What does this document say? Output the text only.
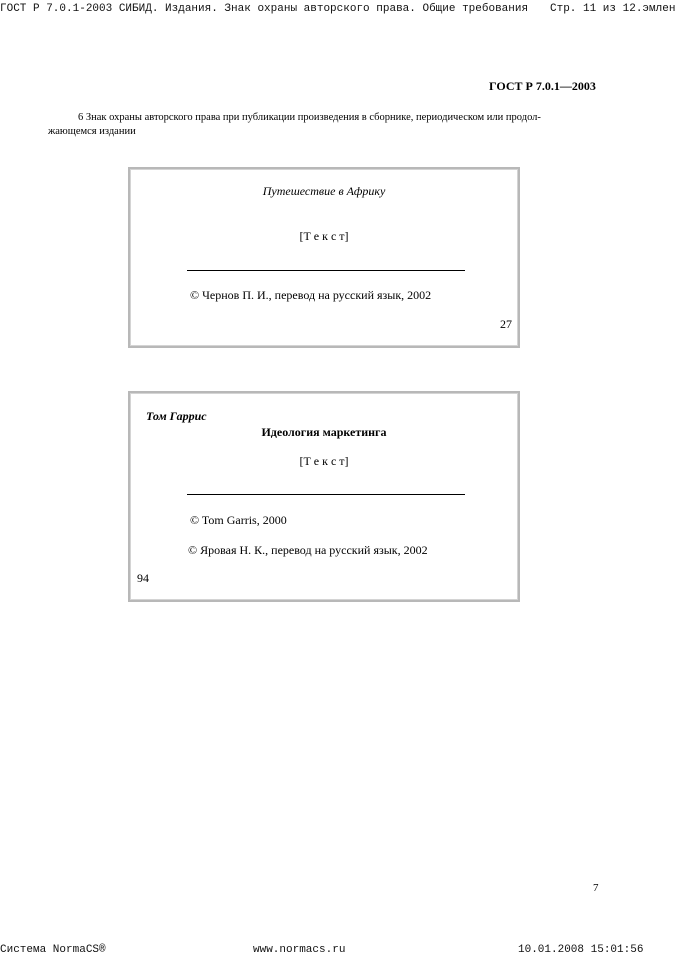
ГОСТ Р 7.0.1-2003 СИБИД. Издания. Знак охраны авторского права. Общие требования Стр. 11 из 12.эмлен
ГОСТ Р 7.0.1—2003
6 Знак охраны авторского права при публикации произведения в сборнике, периодическом или продол-
жающемся издании
Путешествие в Африку
[Т е к с т]
© Чернов П. И., перевод на русский язык, 2002
27
Том Гаррис
Идеология маркетинга
[Т е к с т]
© Tom Garris, 2000
© Яровая Н. К., перевод на русский язык, 2002
94
7
Система NormaCS®	www.normacs.ru	10.01.2008 15:01:56
